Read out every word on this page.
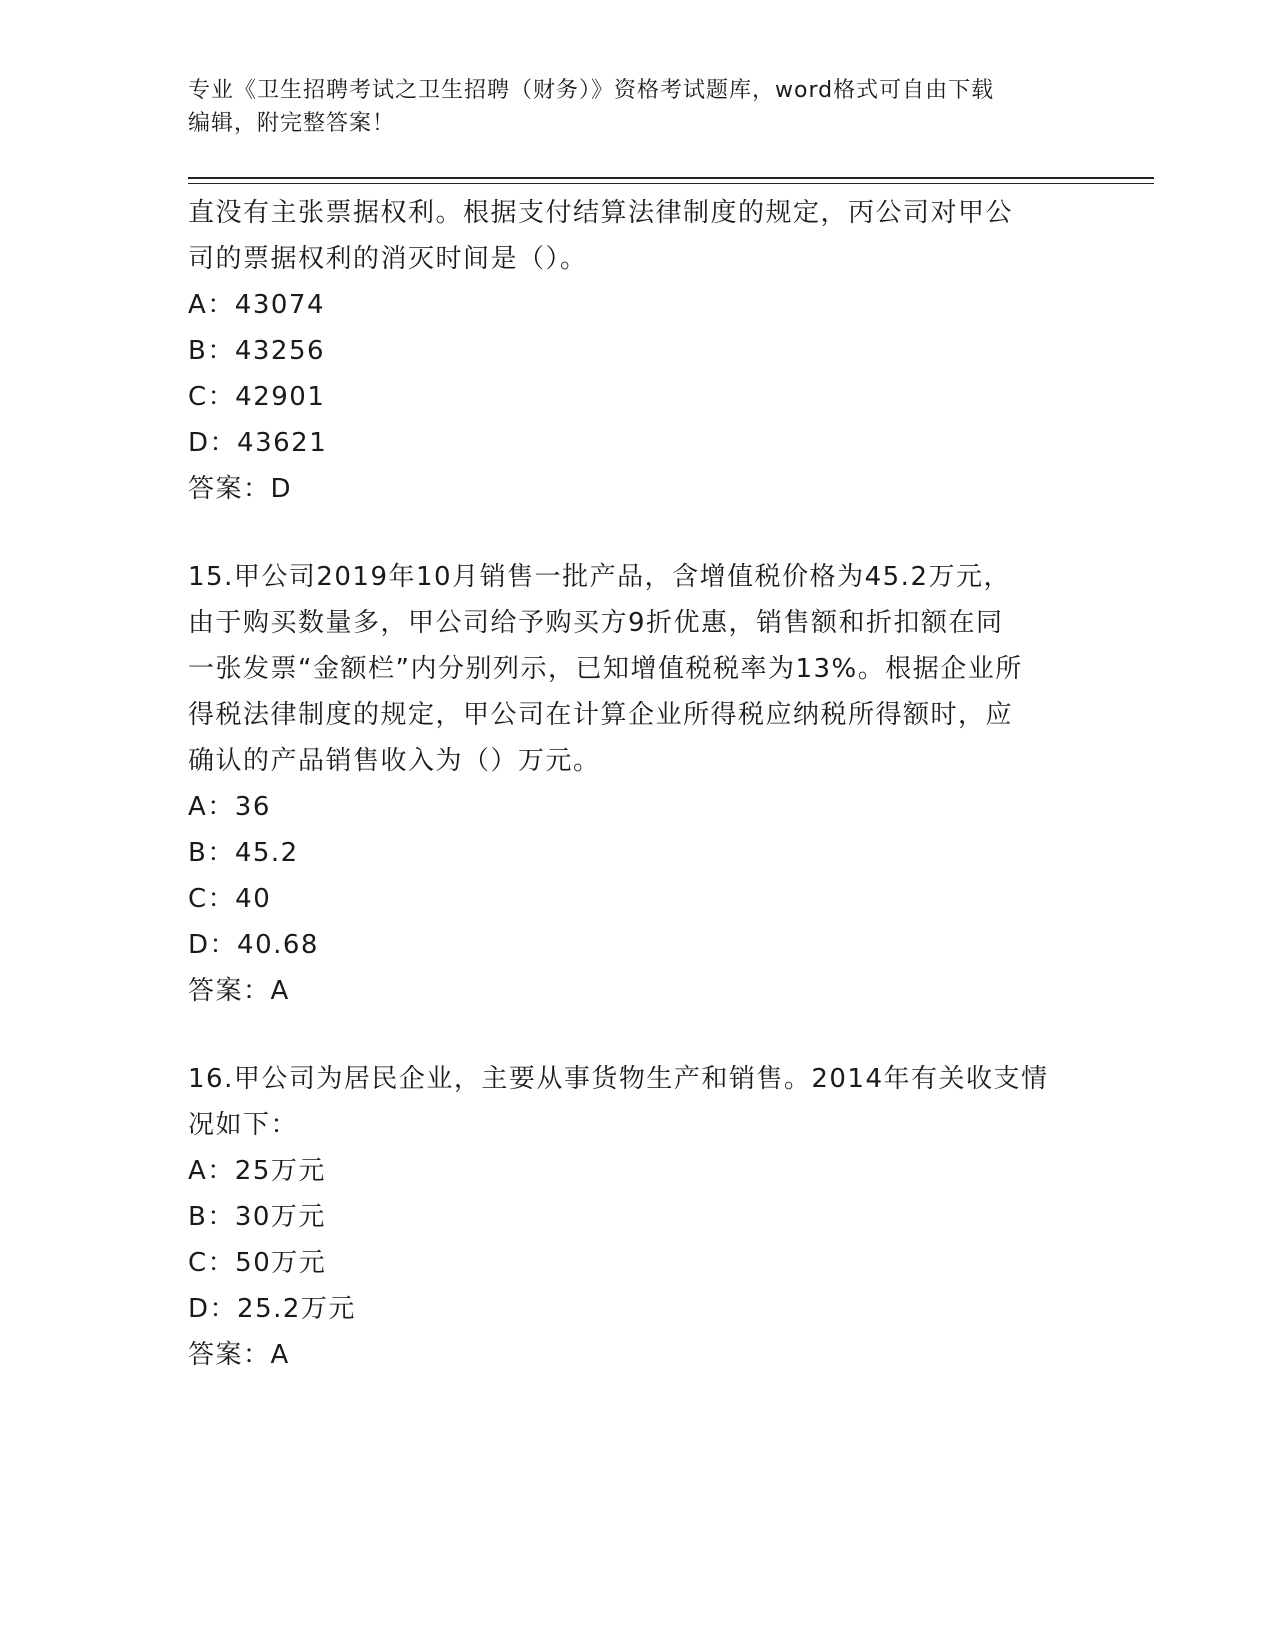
专业《卫生招聘考试之卫生招聘（财务）》资格考试题库，word格式可自由下载
编辑，附完整答案！
直没有主张票据权利。根据支付结算法律制度的规定，丙公司对甲公
司的票据权利的消灭时间是（）。
A：43074
B：43256
C：42901
D：43621
答案：D
15.甲公司2019年10月销售一批产品，含增值税价格为45.2万元，
由于购买数量多，甲公司给予购买方9折优惠，销售额和折扣额在同
一张发票“金额栏”内分别列示，已知增值税税率为13%。根据企业所
得税法律制度的规定，甲公司在计算企业所得税应纳税所得额时，应
确认的产品销售收入为（）万元。
A：36
B：45.2
C：40
D：40.68
答案：A
16.甲公司为居民企业，主要从事货物生产和销售。2014年有关收支情
况如下：
A：25万元
B：30万元
C：50万元
D：25.2万元
答案：A
